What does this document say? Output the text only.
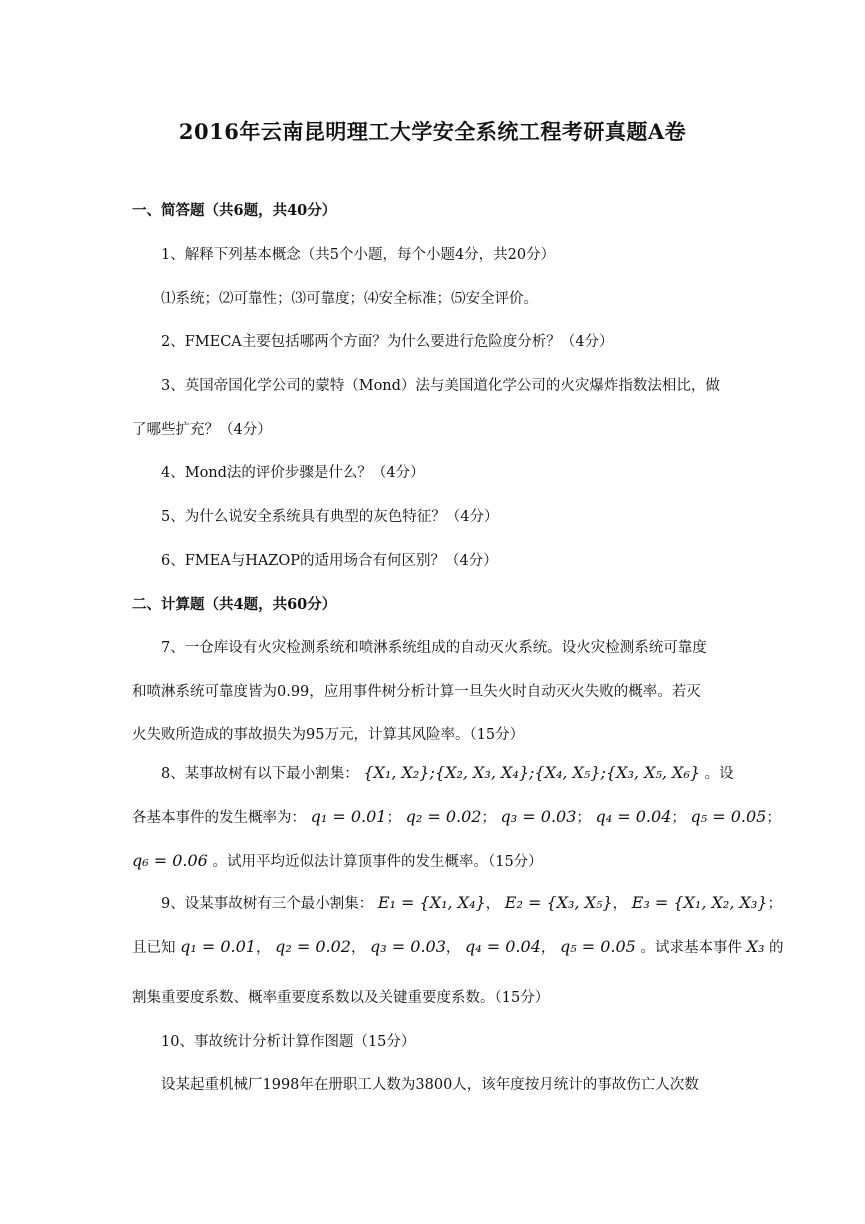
2016年云南昆明理工大学安全系统工程考研真题A卷
一、简答题（共6题，共40分）
1、解释下列基本概念（共5个小题，每个小题4分，共20分）
⑴系统；⑵可靠性；⑶可靠度；⑷安全标准；⑸安全评价。
2、FMECA主要包括哪两个方面？为什么要进行危险度分析？（4分）
3、英国帝国化学公司的蒙特（Mond）法与美国道化学公司的火灾爆炸指数法相比，做
了哪些扩充？（4分）
4、Mond法的评价步骤是什么？（4分）
5、为什么说安全系统具有典型的灰色特征？（4分）
6、FMEA与HAZOP的适用场合有何区别？（4分）
二、计算题（共4题，共60分）
7、一仓库设有火灾检测系统和喷淋系统组成的自动灭火系统。设火灾检测系统可靠度
和喷淋系统可靠度皆为0.99，应用事件树分析计算一旦失火时自动灭火失败的概率。若灭
火失败所造成的事故损失为95万元，计算其风险率。（15分）
8、某事故树有以下最小割集： {X₁, X₂};{X₂, X₃, X₄};{X₄, X₅};{X₃, X₅, X₆} 。设
各基本事件的发生概率为： q₁ = 0.01； q₂ = 0.02； q₃ = 0.03； q₄ = 0.04； q₅ = 0.05；
q₆ = 0.06 。试用平均近似法计算顶事件的发生概率。（15分）
9、设某事故树有三个最小割集： E₁ = {X₁, X₄}， E₂ = {X₃, X₅}， E₃ = {X₁, X₂, X₃}；
且已知 q₁ = 0.01， q₂ = 0.02， q₃ = 0.03， q₄ = 0.04， q₅ = 0.05 。试求基本事件 X₃ 的
割集重要度系数、概率重要度系数以及关键重要度系数。（15分）
10、事故统计分析计算作图题（15分）
设某起重机械厂1998年在册职工人数为3800人，该年度按月统计的事故伤亡人次数
